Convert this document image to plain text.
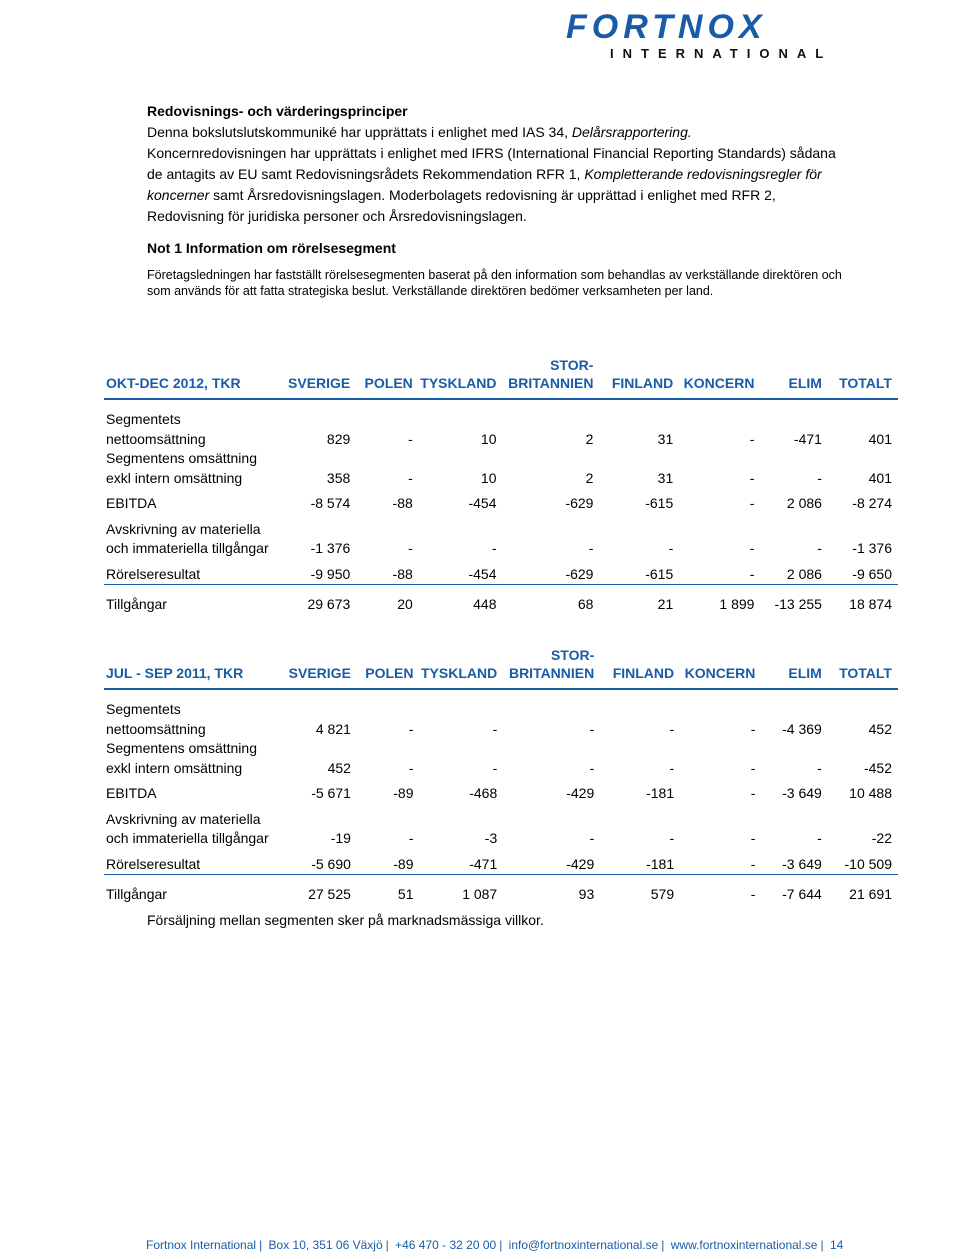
FORTNOX
INTERNATIONAL
Redovisnings- och värderingsprinciper
Denna bokslutslutskommuniké har upprättats i enlighet med IAS 34, Delårsrapportering.
Koncernredovisningen har upprättats i enlighet med IFRS (International Financial Reporting Standards) sådana de antagits av EU samt Redovisningsrådets Rekommendation RFR 1, Kompletterande redovisningsregler för koncerner samt Årsredovisningslagen. Moderbolagets redovisning är upprättad i enlighet med RFR 2, Redovisning för juridiska personer och Årsredovisningslagen.
Not 1 Information om rörelsesegment
Företagsledningen har fastställt rörelsesegmenten baserat på den information som behandlas av verkställande direktören och som används för att fatta strategiska beslut. Verkställande direktören bedömer verksamheten per land.
OKT-DEC 2012, TKR	SVERIGE	POLEN	TYSKLAND	STOR-
BRITANNIEN	FINLAND	KONCERN	ELIM	TOTALT
Segmentets nettoomsättning	829	-	10	2	31	-	-471	401
Segmentens omsättning exkl intern omsättning	358	-	10	2	31	-	-	401
EBITDA	-8 574	-88	-454	-629	-615	-	2 086	-8 274
Avskrivning av materiella och immateriella tillgångar	-1 376	-	-	-	-	-	-	-1 376
Rörelseresultat	-9 950	-88	-454	-629	-615	-	2 086	-9 650
Tillgångar	29 673	20	448	68	21	1 899	-13 255	18 874
JUL - SEP 2011, TKR	SVERIGE	POLEN	TYSKLAND	STOR-
BRITANNIEN	FINLAND	KONCERN	ELIM	TOTALT
Segmentets nettoomsättning	4 821	-	-	-	-	-	-4 369	452
Segmentens omsättning exkl intern omsättning	452	-	-	-	-	-	-	-452
EBITDA	-5 671	-89	-468	-429	-181	-	-3 649	10 488
Avskrivning av materiella och immateriella tillgångar	-19	-	-3	-	-	-	-	-22
Rörelseresultat	-5 690	-89	-471	-429	-181	-	-3 649	-10 509
Tillgångar	27 525	51	1 087	93	579	-	-7 644	21 691
Försäljning mellan segmenten sker på marknadsmässiga villkor.
Fortnox International | Box 10, 351 06 Växjö | +46 470 - 32 20 00 | info@fortnoxinternational.se | www.fortnoxinternational.se | 14
